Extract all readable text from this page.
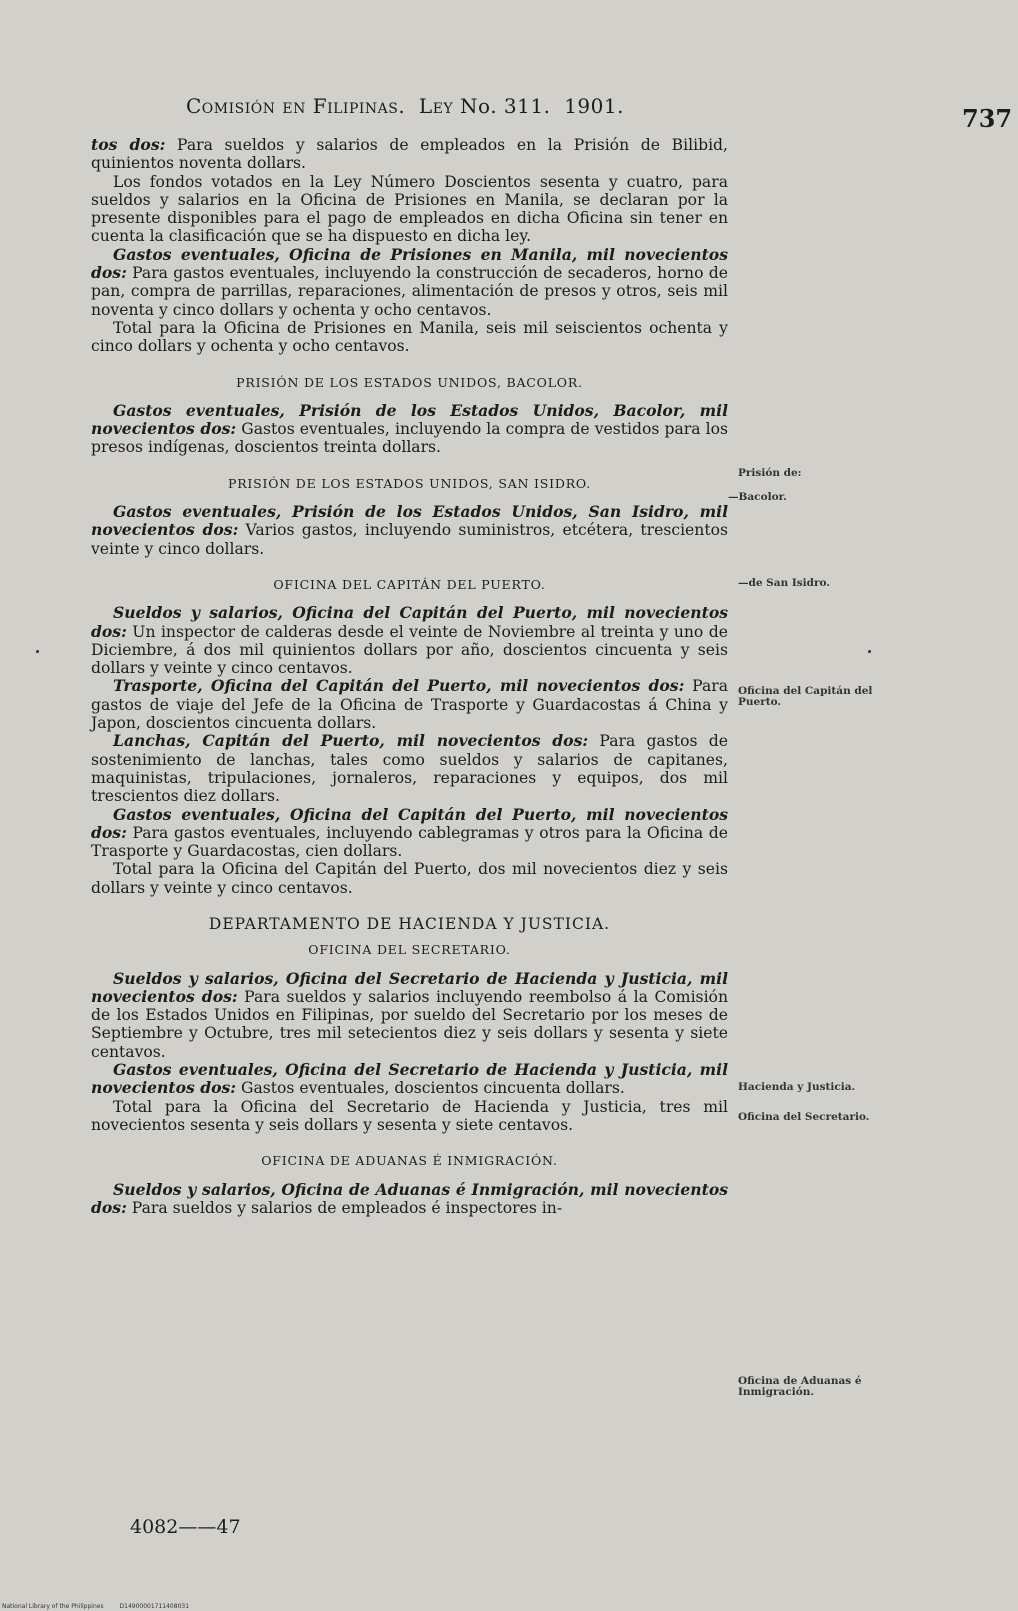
Comisión en Filipinas. Ley No. 311. 1901.	737

tos dos: Para sueldos y salarios de empleados en la Prisión de Bilibid, quinientos noventa dollars.

Los fondos votados en la Ley Número Doscientos sesenta y cuatro, para sueldos y salarios en la Oficina de Prisiones en Manila, se declaran por la presente disponibles para el pago de empleados en dicha Oficina sin tener en cuenta la clasificación que se ha dispuesto en dicha ley.

Gastos eventuales, Oficina de Prisiones en Manila, mil novecientos dos: Para gastos eventuales, incluyendo la construcción de secaderos, horno de pan, compra de parrillas, reparaciones, alimentación de presos y otros, seis mil noventa y cinco dollars y ochenta y ocho centavos.

Total para la Oficina de Prisiones en Manila, seis mil seiscientos ochenta y cinco dollars y ochenta y ocho centavos.

PRISIÓN DE LOS ESTADOS UNIDOS, BACOLOR.

Gastos eventuales, Prisión de los Estados Unidos, Bacolor, mil novecientos dos: Gastos eventuales, incluyendo la compra de vestidos para los presos indígenas, doscientos treinta dollars.

PRISIÓN DE LOS ESTADOS UNIDOS, SAN ISIDRO.

Gastos eventuales, Prisión de los Estados Unidos, San Isidro, mil novecientos dos: Varios gastos, incluyendo suministros, etcétera, trescientos veinte y cinco dollars.

OFICINA DEL CAPITÁN DEL PUERTO.

Sueldos y salarios, Oficina del Capitán del Puerto, mil novecientos dos: Un inspector de calderas desde el veinte de Noviembre al treinta y uno de Diciembre, á dos mil quinientos dollars por año, doscientos cincuenta y seis dollars y veinte y cinco centavos.

Trasporte, Oficina del Capitán del Puerto, mil novecientos dos: Para gastos de viaje del Jefe de la Oficina de Trasporte y Guardacostas á China y Japon, doscientos cincuenta dollars.

Lanchas, Capitán del Puerto, mil novecientos dos: Para gastos de sostenimiento de lanchas, tales como sueldos y salarios de capitanes, maquinistas, tripulaciones, jornaleros, reparaciones y equipos, dos mil trescientos diez dollars.

Gastos eventuales, Oficina del Capitán del Puerto, mil novecientos dos: Para gastos eventuales, incluyendo cablegramas y otros para la Oficina de Trasporte y Guardacostas, cien dollars.

Total para la Oficina del Capitán del Puerto, dos mil novecientos diez y seis dollars y veinte y cinco centavos.

DEPARTAMENTO DE HACIENDA Y JUSTICIA.
OFICINA DEL SECRETARIO.

Sueldos y salarios, Oficina del Secretario de Hacienda y Justicia, mil novecientos dos: Para sueldos y salarios incluyendo reembolso á la Comisión de los Estados Unidos en Filipinas, por sueldo del Secretario por los meses de Septiembre y Octubre, tres mil setecientos diez y seis dollars y sesenta y siete centavos.

Gastos eventuales, Oficina del Secretario de Hacienda y Justicia, mil novecientos dos: Gastos eventuales, doscientos cincuenta dollars.

Total para la Oficina del Secretario de Hacienda y Justicia, tres mil novecientos sesenta y seis dollars y sesenta y siete centavos.

OFICINA DE ADUANAS É INMIGRACIÓN.

Sueldos y salarios, Oficina de Aduanas é Inmigración, mil novecientos dos: Para sueldos y salarios de empleados é inspectores in-

Prisión de:
—Bacolor.
—de San Isidro.
Oficina del Capitán del Puerto.
Hacienda y Justicia.
Oficina del Secretario.
Oficina de Aduanas é Inmigración.
4082——47
National Library of the Philippines	D14900001711408031
